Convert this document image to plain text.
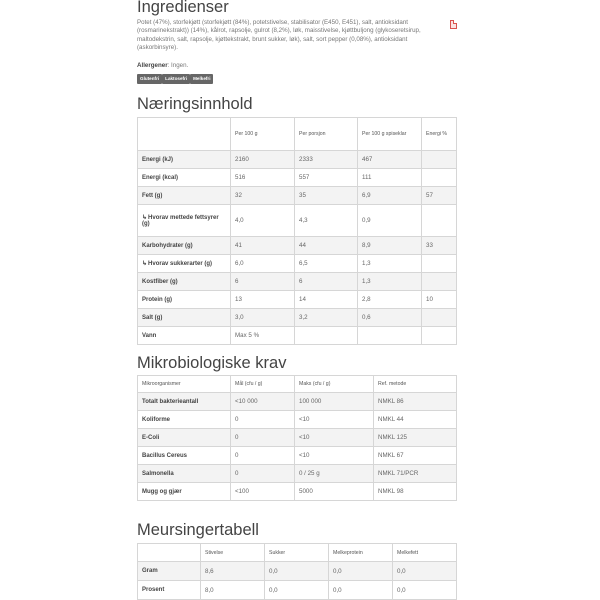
Ingredienser
Potet (47%), storfekjøtt (storfekjøtt (84%), potetstivelse, stabilisator (E450, E451), salt, antioksidant (rosmarinekstrakt)) (14%), kålrot, rapsolje, gulrot (8,2%), løk, maisstivelse, kjøttbuljong (glykoseretsirup, maltodekstrin, salt, rapsolje, kjøttekstrakt, brunt sukker, løk), salt, sort pepper (0,08%), antioksidant (askorbinsyre).
Allergener: Ingen.
Glutenfri	Laktosefri	Melkefri
Næringsinnhold
	Per 100 g	Per porsjon	Per 100 g spiseklar	Energi %
Energi (kJ)	2160	2333	467	
Energi (kcal)	516	557	111	
Fett (g)	32	35	6,9	57
↳Hvorav mettede fettsyrer (g)	4,0	4,3	0,9	
Karbohydrater (g)	41	44	8,9	33
↳Hvorav sukkerarter (g)	6,0	6,5	1,3	
Kostfiber (g)	6	6	1,3	
Protein (g)	13	14	2,8	10
Salt (g)	3,0	3,2	0,6	
Vann	Max 5 %			
Mikrobiologiske krav
Mikroorganismer	Mål (cfu / g)	Maks (cfu / g)	Ref. metode
Totalt bakterieantall	<10 000	100 000	NMKL 86
Koliforme	0	<10	NMKL 44
E-Coli	0	<10	NMKL 125
Bacillus Cereus	0	<10	NMKL 67
Salmonella	0	0 / 25 g	NMKL 71/PCR
Mugg og gjær	<100	5000	NMKL 98
Meursingertabell
	Stivelse	Sukker	Melkeprotein	Melkefett
Gram	8,6	0,0	0,0	0,0
Prosent	8,0	0,0	0,0	0,0
